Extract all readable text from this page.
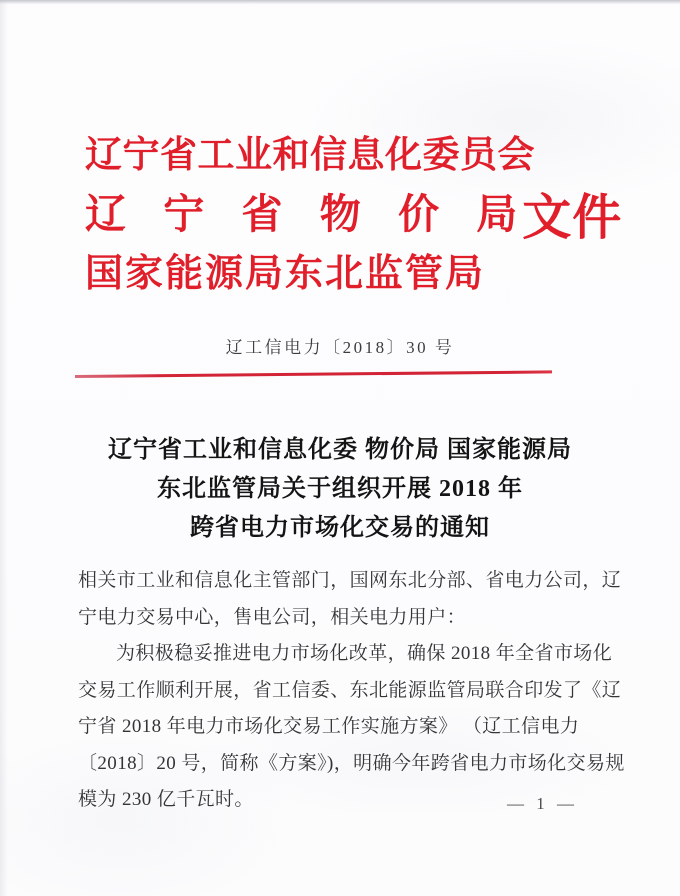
辽宁省工业和信息化委员会
辽 宁 省 物 价 局 文件
国家能源局东北监管局
辽工信电力〔2018〕30 号
辽宁省工业和信息化委 物价局 国家能源局
东北监管局关于组织开展 2018 年
跨省电力市场化交易的通知
相关市工业和信息化主管部门，国网东北分部、省电力公司，辽
宁电力交易中心，售电公司，相关电力用户：
为积极稳妥推进电力市场化改革，确保 2018 年全省市场化
交易工作顺利开展，省工信委、东北能源监管局联合印发了《辽
宁省 2018 年电力市场化交易工作实施方案》 （辽工信电力
〔2018〕20 号，简称《方案》)，明确今年跨省电力市场化交易规
模为 230 亿千瓦时。	— 1 —
